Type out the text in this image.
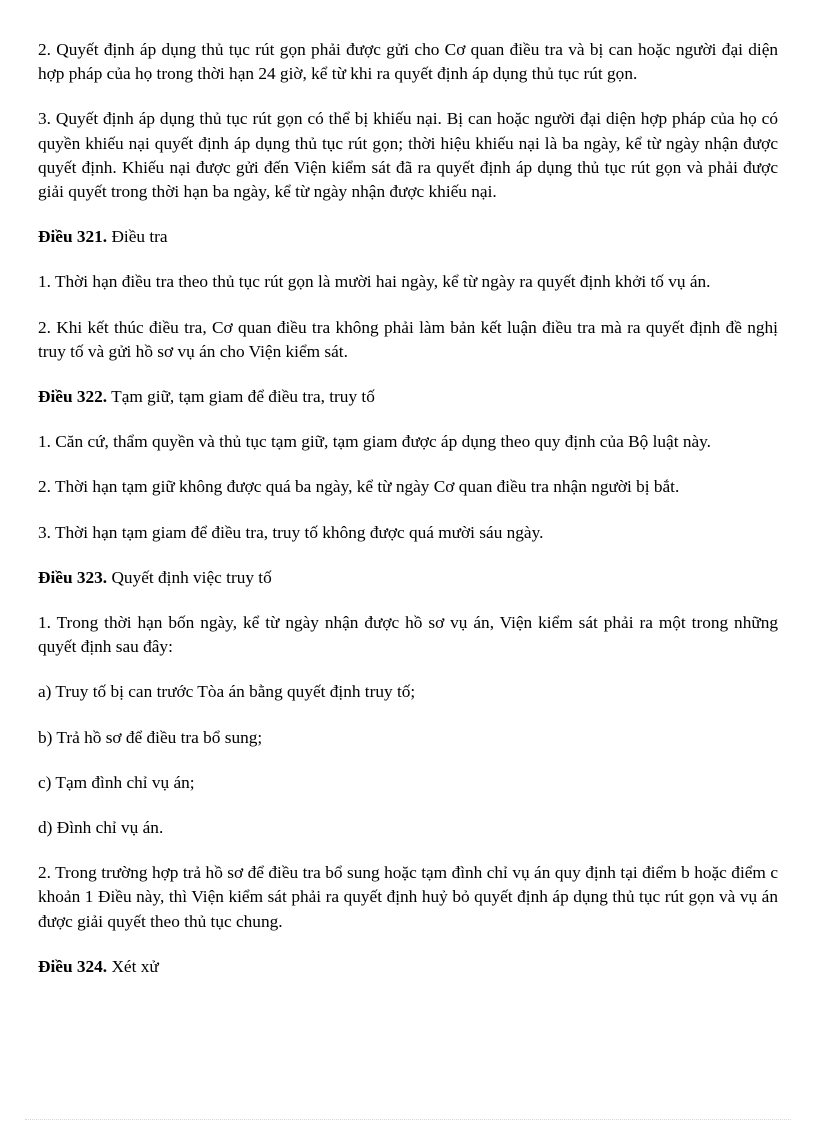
2. Quyết định áp dụng thủ tục rút gọn phải được gửi cho Cơ quan điều tra và bị can hoặc người đại diện hợp pháp của họ trong thời hạn 24 giờ, kể từ khi ra quyết định áp dụng thủ tục rút gọn.

3. Quyết định áp dụng thủ tục rút gọn có thể bị khiếu nại. Bị can hoặc người đại diện hợp pháp của họ có quyền khiếu nại quyết định áp dụng thủ tục rút gọn; thời hiệu khiếu nại là ba ngày, kể từ ngày nhận được quyết định. Khiếu nại được gửi đến Viện kiểm sát đã ra quyết định áp dụng thủ tục rút gọn và phải được giải quyết trong thời hạn ba ngày, kể từ ngày nhận được khiếu nại.

Điều 321. Điều tra

1. Thời hạn điều tra theo thủ tục rút gọn là mười hai ngày, kể từ ngày ra quyết định khởi tố vụ án.

2. Khi kết thúc điều tra, Cơ quan điều tra không phải làm bản kết luận điều tra mà ra quyết định đề nghị truy tố và gửi hồ sơ vụ án cho Viện kiểm sát.

Điều 322. Tạm giữ, tạm giam để điều tra, truy tố

1. Căn cứ, thẩm quyền và thủ tục tạm giữ, tạm giam được áp dụng theo quy định của Bộ luật này.

2. Thời hạn tạm giữ không được quá ba ngày, kể từ ngày Cơ quan điều tra nhận người bị bắt.

3. Thời hạn tạm giam để điều tra, truy tố không được quá mười sáu ngày.

Điều 323. Quyết định việc truy tố

1. Trong thời hạn bốn ngày, kể từ ngày nhận được hồ sơ vụ án, Viện kiểm sát phải ra một trong những quyết định sau đây:

a) Truy tố bị can trước Tòa án bằng quyết định truy tố;

b) Trả hồ sơ để điều tra bổ sung;

c) Tạm đình chỉ vụ án;

d) Đình chỉ vụ án.

2. Trong trường hợp trả hồ sơ để điều tra bổ sung hoặc tạm đình chỉ vụ án quy định tại điểm b hoặc điểm c khoản 1 Điều này, thì Viện kiểm sát phải ra quyết định huỷ bỏ quyết định áp dụng thủ tục rút gọn và vụ án được giải quyết theo thủ tục chung.

Điều 324. Xét xử
